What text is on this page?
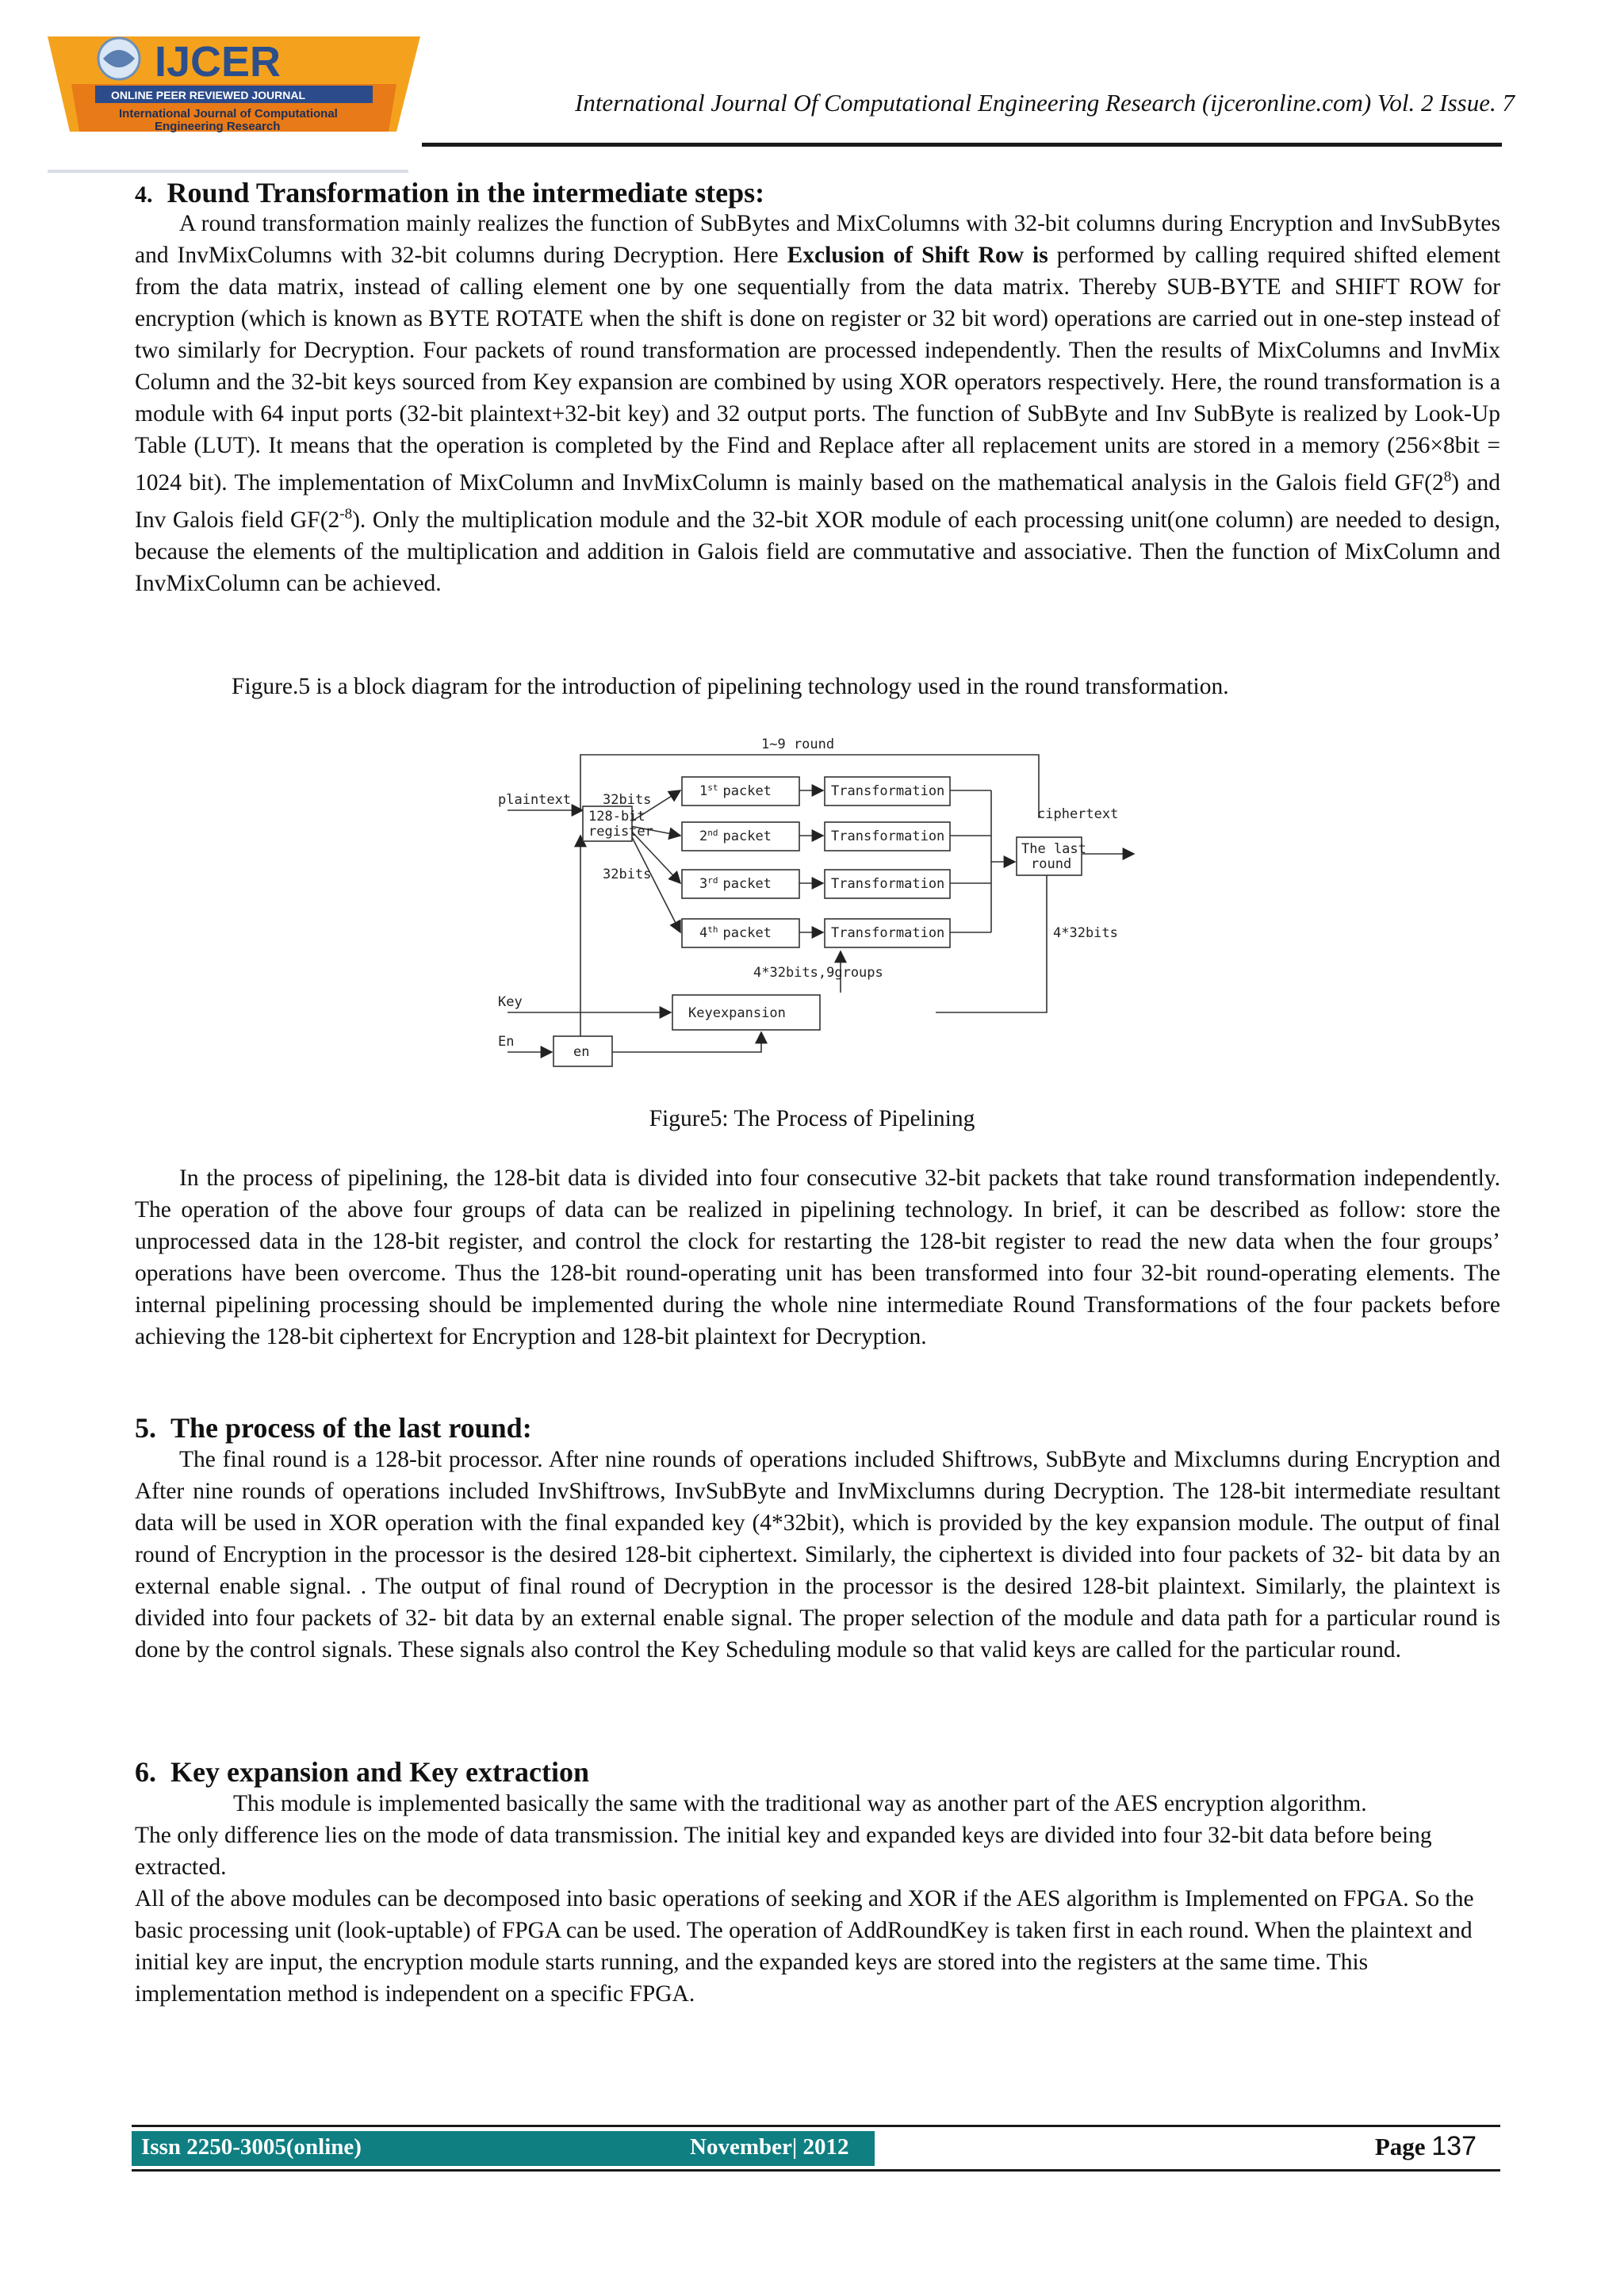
IJCER
ONLINE PEER REVIEWED JOURNAL
International Journal of Computational
Engineering Research
International Journal Of Computational Engineering Research (ijceronline.com) Vol. 2 Issue. 7
4. Round Transformation in the intermediate steps:
A round transformation mainly realizes the function of SubBytes and MixColumns with 32-bit columns during Encryption and InvSubBytes and InvMixColumns with 32-bit columns during Decryption. Here Exclusion of Shift Row is performed by calling required shifted element from the data matrix, instead of calling element one by one sequentially from the data matrix. Thereby SUB-BYTE and SHIFT ROW for encryption (which is known as BYTE ROTATE when the shift is done on register or 32 bit word) operations are carried out in one-step instead of two similarly for Decryption. Four packets of round transformation are processed independently. Then the results of MixColumns and InvMix Column and the 32-bit keys sourced from Key expansion are combined by using XOR operators respectively. Here, the round transformation is a module with 64 input ports (32-bit plaintext+32-bit key) and 32 output ports. The function of SubByte and Inv SubByte is realized by Look-Up Table (LUT). It means that the operation is completed by the Find and Replace after all replacement units are stored in a memory (256×8bit = 1024 bit). The implementation of MixColumn and InvMixColumn is mainly based on the mathematical analysis in the Galois field $GF(2^8)$ and Inv Galois field $GF(2^{-8})$. Only the multiplication module and the 32-bit XOR module of each processing unit(one column) are needed to design, because the elements of the multiplication and addition in Galois field are commutative and associative. Then the function of MixColumn and InvMixColumn can be achieved.
Figure.5 is a block diagram for the introduction of pipelining technology used in the round transformation.
1~9 round
plaintext 32bits
32bits
128-bit
register
1st packet
2nd packet
3rd packet
4th packet
Transformation
Transformation
Transformation
Transformation
ciphertext
The last
round
4*32bits
4*32bits,9groups
Key
En
en
Keyexpansion
Figure5: The Process of Pipelining
In the process of pipelining, the 128-bit data is divided into four consecutive 32-bit packets that take round transformation independently. The operation of the above four groups of data can be realized in pipelining technology. In brief, it can be described as follow: store the unprocessed data in the 128-bit register, and control the clock for restarting the 128-bit register to read the new data when the four groups’ operations have been overcome. Thus the 128-bit round-operating unit has been transformed into four 32-bit round-operating elements. The internal pipelining processing should be implemented during the whole nine intermediate Round Transformations of the four packets before achieving the 128-bit ciphertext for Encryption and 128-bit plaintext for Decryption.
5. The process of the last round:
The final round is a 128-bit processor. After nine rounds of operations included Shiftrows, SubByte and Mixclumns during Encryption and After nine rounds of operations included InvShiftrows, InvSubByte and InvMixclumns during Decryption. The 128-bit intermediate resultant data will be used in XOR operation with the final expanded key (4*32bit), which is provided by the key expansion module. The output of final round of Encryption in the processor is the desired 128-bit ciphertext. Similarly, the ciphertext is divided into four packets of 32- bit data by an external enable signal. . The output of final round of Decryption in the processor is the desired 128-bit plaintext. Similarly, the plaintext is divided into four packets of 32- bit data by an external enable signal. The proper selection of the module and data path for a particular round is done by the control signals. These signals also control the Key Scheduling module so that valid keys are called for the particular round.
6. Key expansion and Key extraction
This module is implemented basically the same with the traditional way as another part of the AES encryption algorithm.
The only difference lies on the mode of data transmission. The initial key and expanded keys are divided into four 32-bit data before being extracted.
All of the above modules can be decomposed into basic operations of seeking and XOR if the AES algorithm is Implemented on FPGA. So the basic processing unit (look-uptable) of FPGA can be used. The operation of AddRoundKey is taken first in each round. When the plaintext and initial key are input, the encryption module starts running, and the expanded keys are stored into the registers at the same time. This implementation method is independent on a specific FPGA.
Issn 2250-3005(online)	November| 2012	Page 137
